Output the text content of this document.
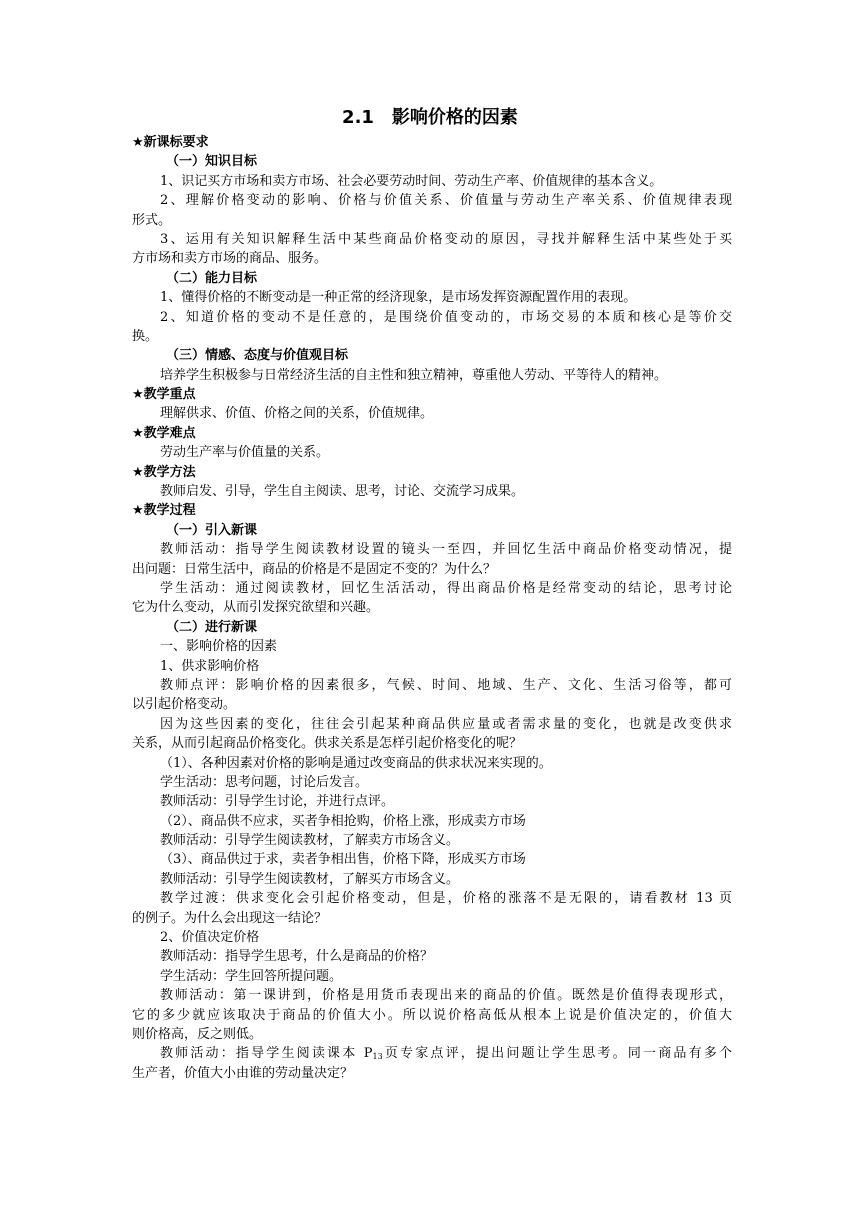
2.1　影响价格的因素
★新课标要求
（一）知识目标
1、识记买方市场和卖方市场、社会必要劳动时间、劳动生产率、价值规律的基本含义。
2、理解价格变动的影响、价格与价值关系、价值量与劳动生产率关系、价值规律表现
形式。
3、运用有关知识解释生活中某些商品价格变动的原因，寻找并解释生活中某些处于买
方市场和卖方市场的商品、服务。
（二）能力目标
1、懂得价格的不断变动是一种正常的经济现象，是市场发挥资源配置作用的表现。
2、知道价格的变动不是任意的，是围绕价值变动的，市场交易的本质和核心是等价交
换。
（三）情感、态度与价值观目标
培养学生积极参与日常经济生活的自主性和独立精神，尊重他人劳动、平等待人的精神。
★教学重点
理解供求、价值、价格之间的关系，价值规律。
★教学难点
劳动生产率与价值量的关系。
★教学方法
教师启发、引导，学生自主阅读、思考，讨论、交流学习成果。
★教学过程
（一）引入新课
教师活动：指导学生阅读教材设置的镜头一至四，并回忆生活中商品价格变动情况，提
出问题：日常生活中，商品的价格是不是固定不变的？为什么？
学生活动：通过阅读教材，回忆生活活动，得出商品价格是经常变动的结论，思考讨论
它为什么变动，从而引发探究欲望和兴趣。
（二）进行新课
一、影响价格的因素
1、供求影响价格
教师点评：影响价格的因素很多，气候、时间、地域、生产、文化、生活习俗等，都可
以引起价格变动。
因为这些因素的变化，往往会引起某种商品供应量或者需求量的变化，也就是改变供求
关系，从而引起商品价格变化。供求关系是怎样引起价格变化的呢？
（1）、各种因素对价格的影响是通过改变商品的供求状况来实现的。
学生活动：思考问题，讨论后发言。
教师活动：引导学生讨论，并进行点评。
（2）、商品供不应求，买者争相抢购，价格上涨，形成卖方市场
教师活动：引导学生阅读教材，了解卖方市场含义。
（3）、商品供过于求，卖者争相出售，价格下降，形成买方市场
教师活动：引导学生阅读教材，了解买方市场含义。
教学过渡：供求变化会引起价格变动，但是，价格的涨落不是无限的，请看教材 13 页
的例子。为什么会出现这一结论？
2、价值决定价格
教师活动：指导学生思考，什么是商品的价格？
学生活动：学生回答所提问题。
教师活动：第一课讲到，价格是用货币表现出来的商品的价值。既然是价值得表现形式，
它的多少就应该取决于商品的价值大小。所以说价格高低从根本上说是价值决定的，价值大
则价格高，反之则低。
教师活动：指导学生阅读课本 $P_{13}$页专家点评，提出问题让学生思考。同一商品有多个
生产者，价值大小由谁的劳动量决定？
